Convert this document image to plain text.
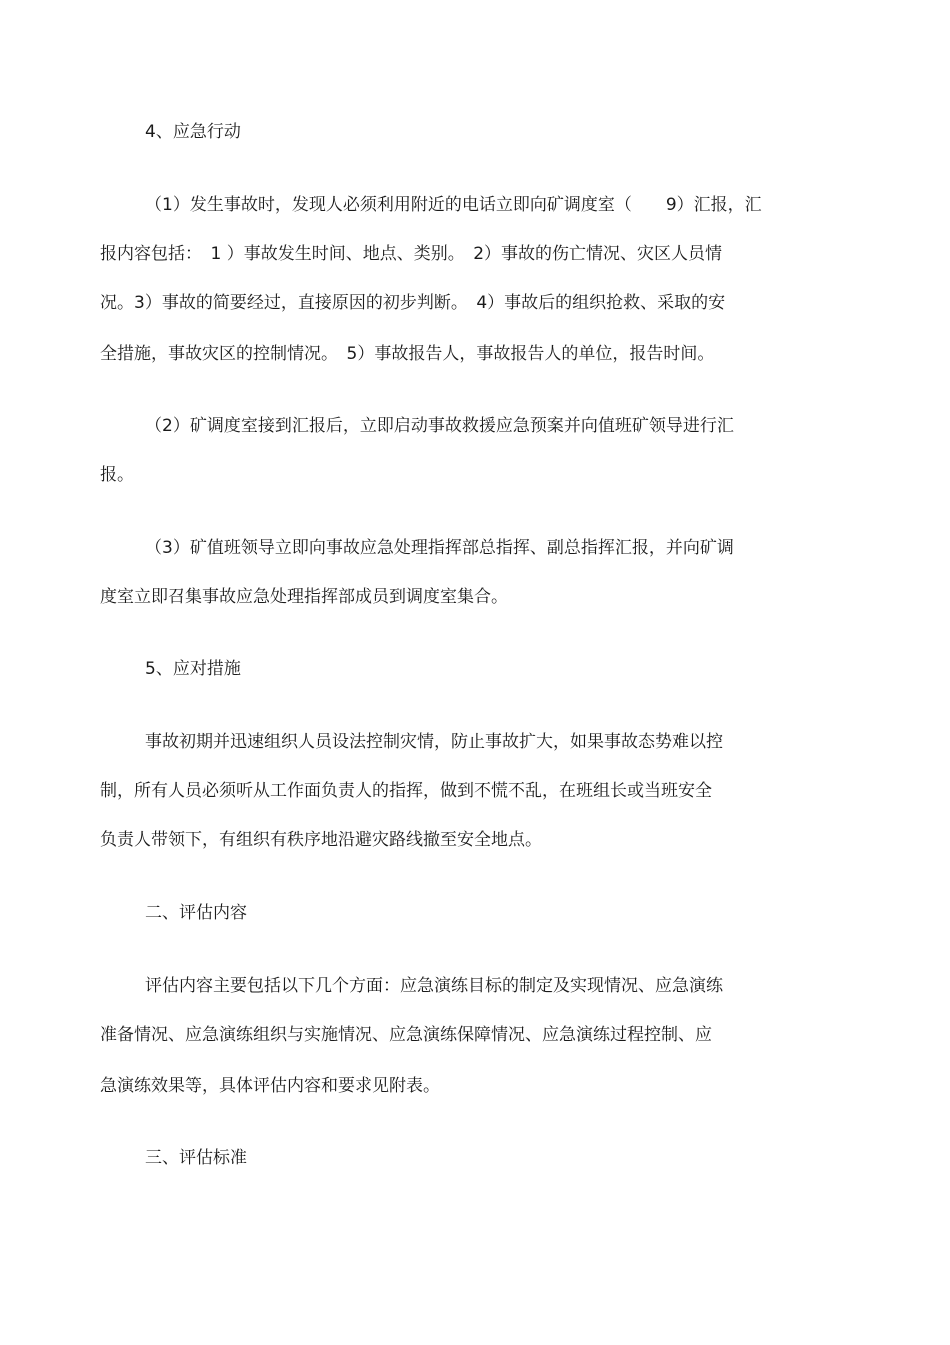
4、应急行动
（1）发生事故时，发现人必须利用附近的电话立即向矿调度室（　　9）汇报，汇
报内容包括：　1 ）事故发生时间、地点、类别。　2）事故的伤亡情况、灾区人员情
况。3）事故的简要经过，直接原因的初步判断。　4）事故后的组织抢救、采取的安
全措施，事故灾区的控制情况。　5）事故报告人，事故报告人的单位，报告时间。
（2）矿调度室接到汇报后，立即启动事故救援应急预案并向值班矿领导进行汇
报。
（3）矿值班领导立即向事故应急处理指挥部总指挥、副总指挥汇报，并向矿调
度室立即召集事故应急处理指挥部成员到调度室集合。
5、应对措施
事故初期并迅速组织人员设法控制灾情，防止事故扩大，如果事故态势难以控
制，所有人员必须听从工作面负责人的指挥，做到不慌不乱，在班组长或当班安全
负责人带领下，有组织有秩序地沿避灾路线撤至安全地点。
二、评估内容
评估内容主要包括以下几个方面：应急演练目标的制定及实现情况、应急演练
准备情况、应急演练组织与实施情况、应急演练保障情况、应急演练过程控制、应
急演练效果等，具体评估内容和要求见附表。
三、评估标准
